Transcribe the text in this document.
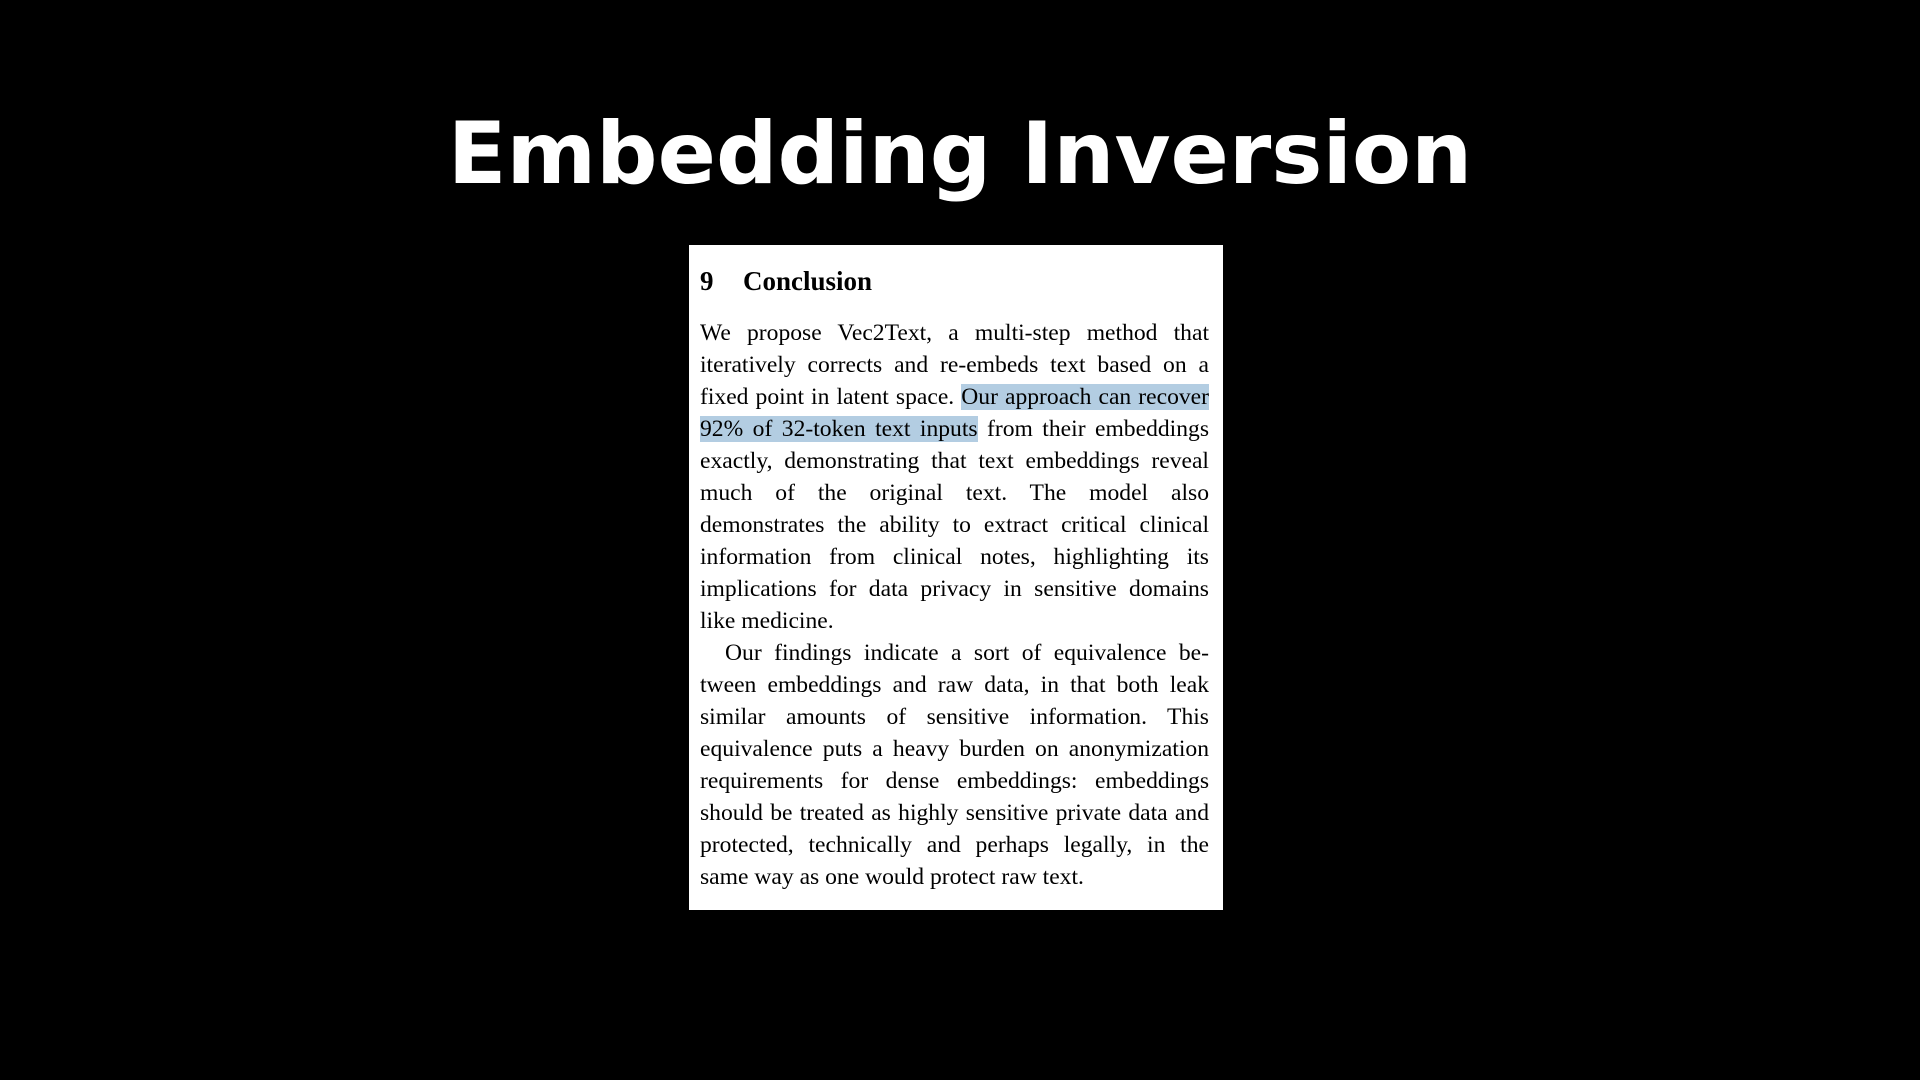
Embedding Inversion
9 Conclusion

We propose Vec2Text, a multi-step method that iteratively corrects and re-embeds text based on a fixed point in latent space. Our approach can recover 92% of 32-token text inputs from their embeddings exactly, demonstrating that text embeddings reveal much of the original text. The model also demonstrates the ability to extract critical clinical information from clinical notes, highlighting its implications for data privacy in sensitive domains like medicine.

Our findings indicate a sort of equivalence between embeddings and raw data, in that both leak similar amounts of sensitive information. This equivalence puts a heavy burden on anonymization requirements for dense embeddings: embeddings should be treated as highly sensitive private data and protected, technically and perhaps legally, in the same way as one would protect raw text.
